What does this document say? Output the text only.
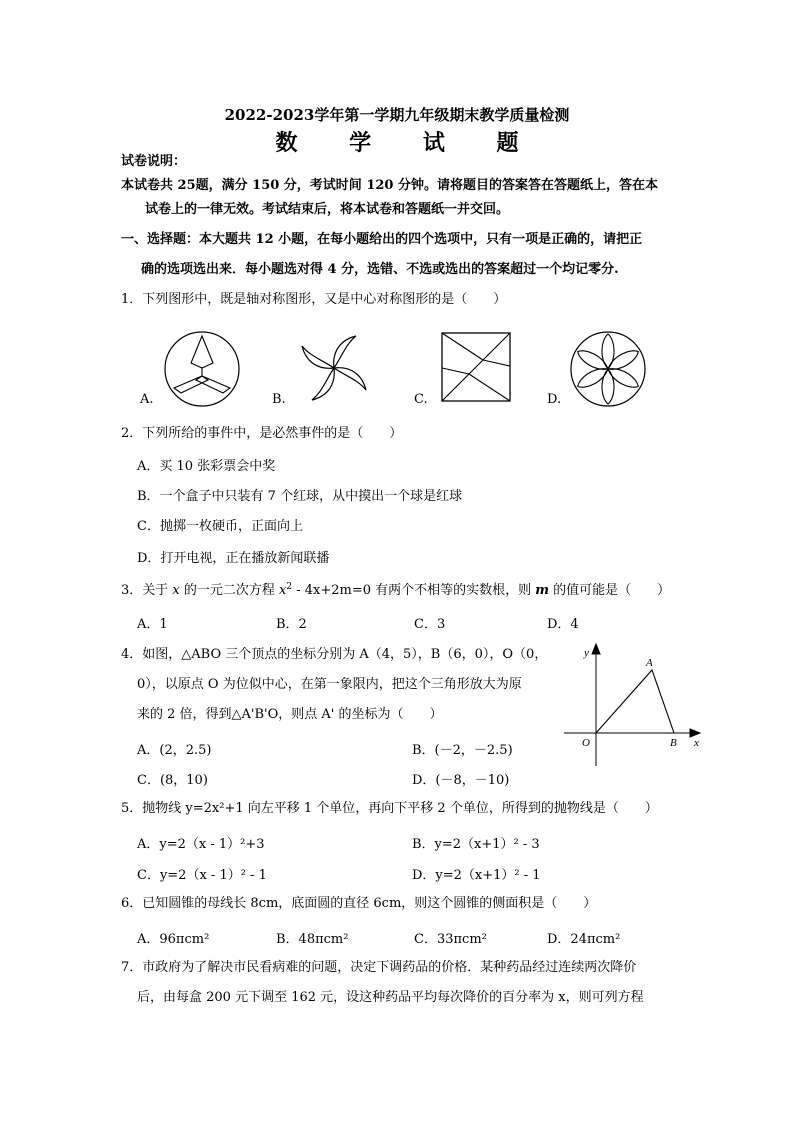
2022-2023学年第一学期九年级期末教学质量检测
数 学 试 题
试卷说明：
本试卷共 25题，满分 150 分，考试时间 120 分钟。请将题目的答案答在答题纸上，答在本
试卷上的一律无效。考试结束后，将本试卷和答题纸一并交回。
一、选择题：本大题共 12 小题，在每小题给出的四个选项中，只有一项是正确的，请把正
确的选项选出来．每小题选对得 4 分，选错、不选或选出的答案超过一个均记零分.
1．下列图形中，既是轴对称图形，又是中心对称图形的是（　　）
A.	B.	C.	D.
2．下列所给的事件中，是必然事件的是（　　）
A．买 10 张彩票会中奖
B．一个盒子中只装有 7 个红球，从中摸出一个球是红球
C．抛掷一枚硬币，正面向上
D．打开电视，正在播放新闻联播
3．关于 x 的一元二次方程 $x^2 - 4x+2m=0$ 有两个不相等的实数根，则 m 的值可能是（　　）
A．1	B．2	C．3	D．4
4．如图，△ABO 三个顶点的坐标分别为 A（4，5），B（6，0），O（0，
0），以原点 O 为位似中心，在第一象限内，把这个三角形放大为原
来的 2 倍，得到△A'B'O，则点 A' 的坐标为（　　）
A．(2，2.5)	B．(－2，－2.5)
C．(8，10)	D．(－8，－10)
y
A
O	B x
5．抛物线 y=2x²+1 向左平移 1 个单位，再向下平移 2 个单位，所得到的抛物线是（　　）
A．y=2（x - 1）²+3	B．y=2（x+1）² - 3
C．y=2（x - 1）² - 1	D．y=2（x+1）² - 1
6．已知圆锥的母线长 8cm，底面圆的直径 6cm，则这个圆锥的侧面积是（　　）
A．96πcm²	B．48πcm²	C．33πcm²	D．24πcm²
7．市政府为了解决市民看病难的问题，决定下调药品的价格．某种药品经过连续两次降价
后，由每盒 200 元下调至 162 元，设这种药品平均每次降价的百分率为 x，则可列方程
